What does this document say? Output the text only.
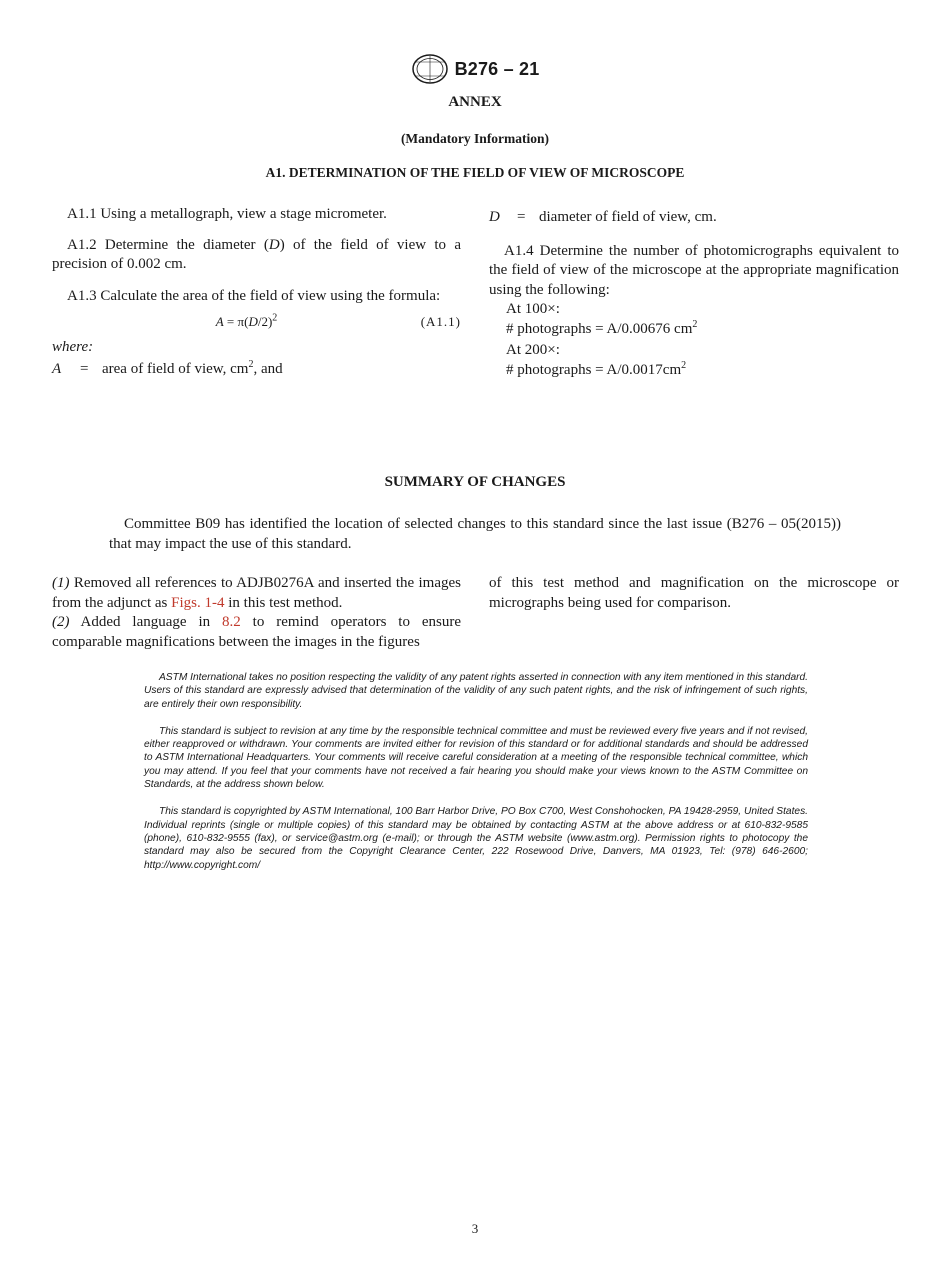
B276 – 21
ANNEX
(Mandatory Information)
A1. DETERMINATION OF THE FIELD OF VIEW OF MICROSCOPE

A1.1 Using a metallograph, view a stage micrometer.

A1.2 Determine the diameter (D) of the field of view to a precision of 0.002 cm.

A1.3 Calculate the area of the field of view using the formula:

$A = \pi(D/2)^2$	(A1.1)

where:

A	= area of field of view, $cm^2$, and
D	= diameter of field of view, cm.

A1.4 Determine the number of photomicrographs equivalent to the field of view of the microscope at the appropriate magnification using the following:

At 100×:

# photographs = A/0.00676 $cm^2$

At 200×:

# photographs = $A/0.0017cm^2$

SUMMARY OF CHANGES
Committee B09 has identified the location of selected changes to this standard since the last issue (B276 – 05(2015)) that may impact the use of this standard.

(1) Removed all references to ADJB0276A and inserted the images from the adjunct as Figs. 1-4 in this test method.

(2) Added language in 8.2 to remind operators to ensure comparable magnifications between the images in the figures

ASTM International takes no position respecting the validity of any patent rights asserted in connection with any item mentioned in this standard. Users of this standard are expressly advised that determination of the validity of any such patent rights, and the risk of infringement of such rights, are entirely their own responsibility.

This standard is subject to revision at any time by the responsible technical committee and must be reviewed every five years and if not revised, either reapproved or withdrawn. Your comments are invited either for revision of this standard or for additional standards and should be addressed to ASTM International Headquarters. Your comments will receive careful consideration at a meeting of the responsible technical committee, which you may attend. If you feel that your comments have not received a fair hearing you should make your views known to the ASTM Committee on Standards, at the address shown below.

This standard is copyrighted by ASTM International, 100 Barr Harbor Drive, PO Box C700, West Conshohocken, PA 19428-2959, United States. Individual reprints (single or multiple copies) of this standard may be obtained by contacting ASTM at the above address or at 610-832-9585 (phone), 610-832-9555 (fax), or service@astm.org (e-mail); or through the ASTM website (www.astm.org). Permission rights to photocopy the standard may also be secured from the Copyright Clearance Center, 222 Rosewood Drive, Danvers, MA 01923, Tel: (978) 646-2600; http://www.copyright.com/

3

of this test method and magnification on the microscope or micrographs being used for comparison.
